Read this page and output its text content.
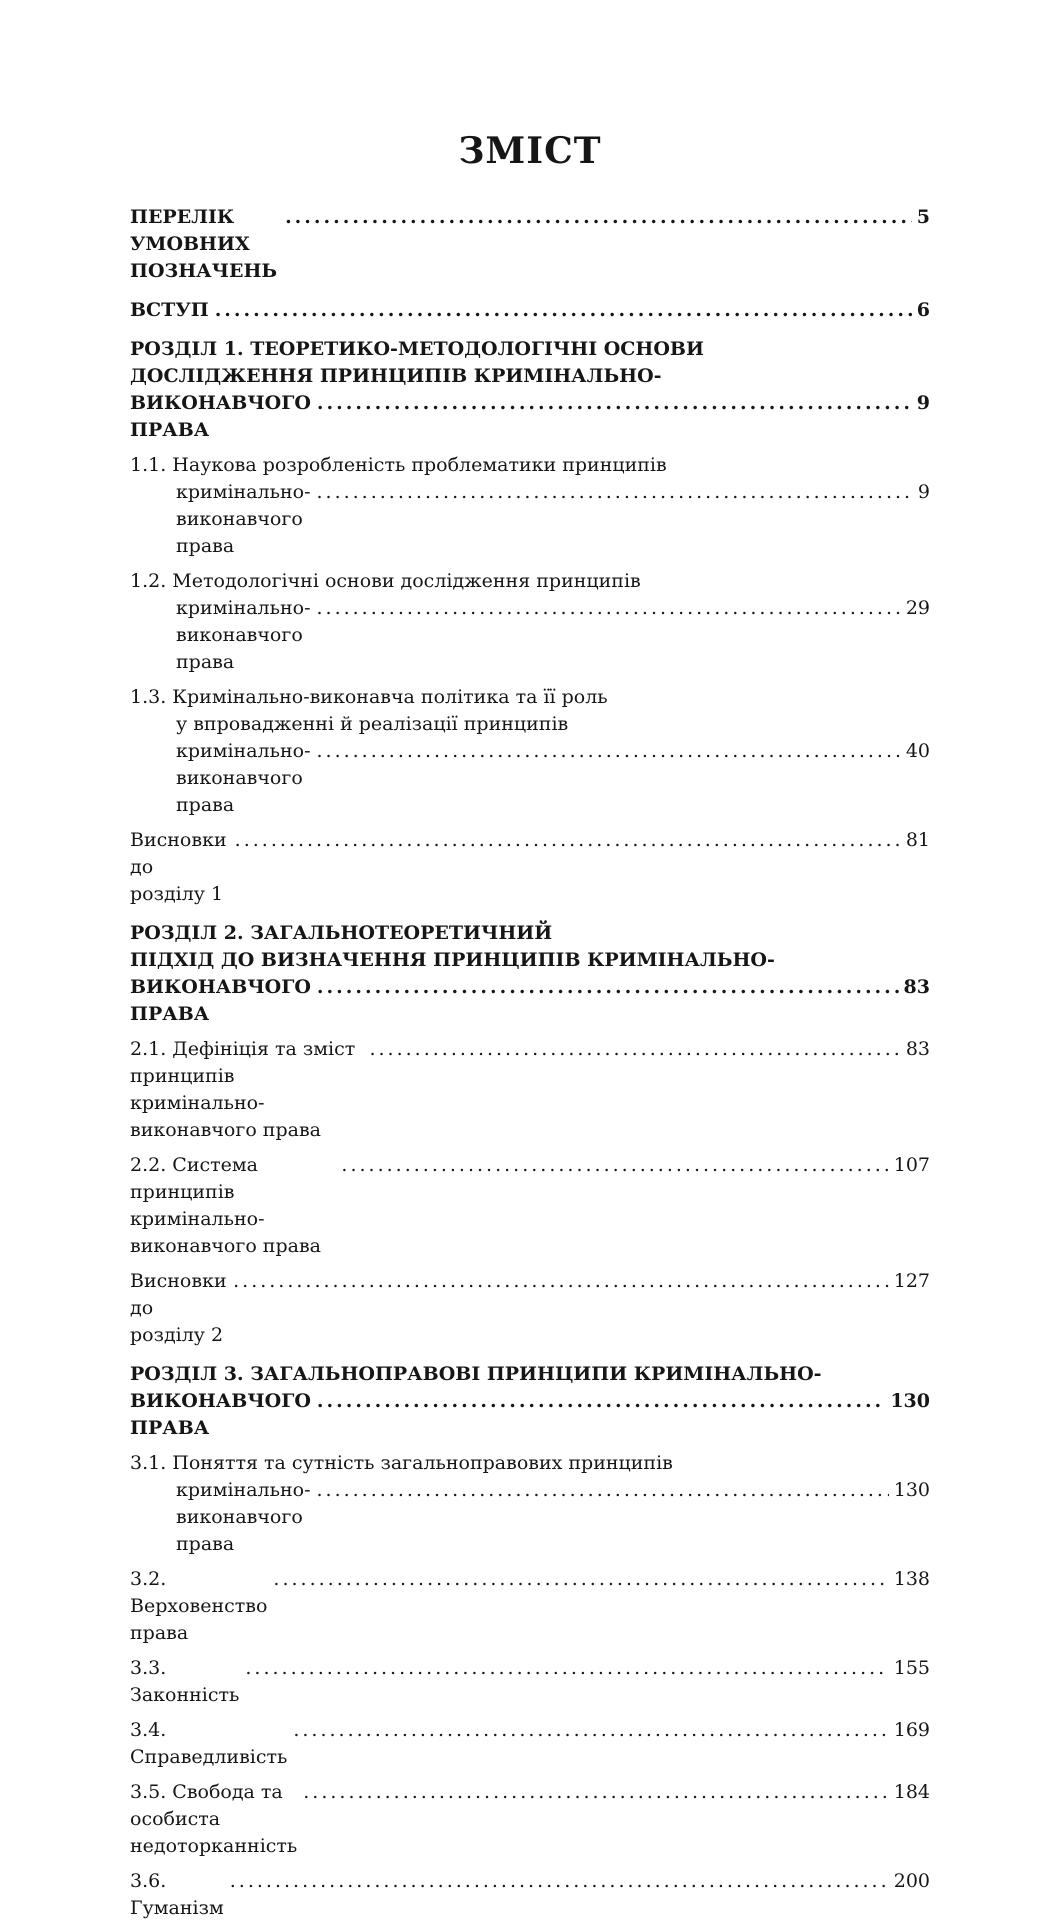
ЗМІСТ
ПЕРЕЛІК УМОВНИХ ПОЗНАЧЕНЬ
.....
5
ВСТУП .....	6
РОЗДІЛ 1. ТЕОРЕТИКО-МЕТОДОЛОГІЧНІ ОСНОВИ
ДОСЛІДЖЕННЯ ПРИНЦИПІВ КРИМІНАЛЬНО-
ВИКОНАВЧОГО ПРАВА
.....
9
1.1. Наукова розробленість проблематики принципів
кримінально-виконавчого права
.....
9
1.2. Методологічні основи дослідження принципів
кримінально-виконавчого права
.....
29
1.3. Кримінально-виконавча політика та її роль
у впровадженні й реалізації принципів
кримінально-виконавчого права
.....
40
Висновки до розділу 1
.....
81
РОЗДІЛ 2. ЗАГАЛЬНОТЕОРЕТИЧНИЙ
ПІДХІД ДО ВИЗНАЧЕННЯ ПРИНЦИПІВ КРИМІНАЛЬНО-
ВИКОНАВЧОГО ПРАВА
.....
83
2.1. Дефініція та зміст принципів кримінально-виконавчого права
.....
83
2.2. Система принципів кримінально-виконавчого права
.....
107
Висновки до розділу 2
.....
127
РОЗДІЛ 3. ЗАГАЛЬНОПРАВОВІ ПРИНЦИПИ КРИМІНАЛЬНО-
ВИКОНАВЧОГО ПРАВА
.....
130
3.1. Поняття та сутність загальноправових принципів
кримінально-виконавчого права
.....
130
3.2. Верховенство права
.....
138
3.3. Законність
.....
155
3.4. Справедливість
.....
169
3.5. Свобода та особиста недоторканність
.....
184
3.6. Гуманізм
.....
200
